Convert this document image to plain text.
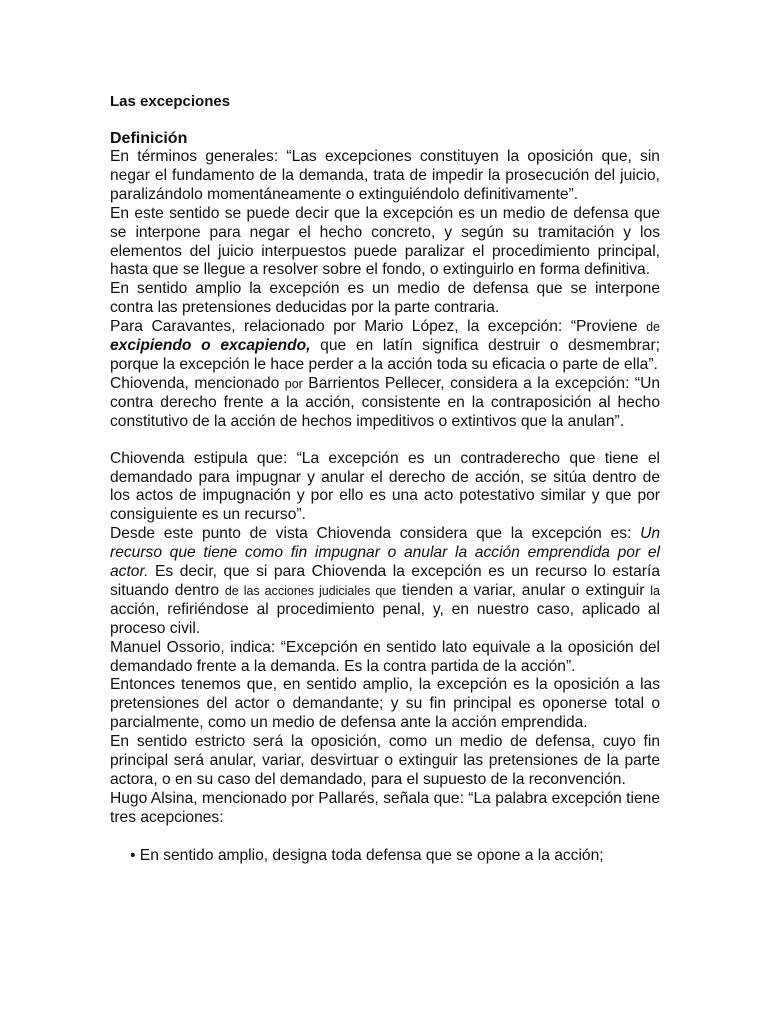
Las excepciones
Definición

En términos generales: “Las excepciones constituyen la oposición que, sin negar el fundamento de la demanda, trata de impedir la prosecución del juicio, paralizándolo momentáneamente o extinguiéndolo definitivamente”.

En este sentido se puede decir que la excepción es un medio de defensa que se interpone para negar el hecho concreto, y según su tramitación y los elementos del juicio interpuestos puede paralizar el procedimiento principal, hasta que se llegue a resolver sobre el fondo, o extinguirlo en forma definitiva.

En sentido amplio la excepción es un medio de defensa que se interpone contra las pretensiones deducidas por la parte contraria.

Para Caravantes, relacionado por Mario López, la excepción: “Proviene de excipiendo o excapiendo, que en latín significa destruir o desmembrar; porque la excepción le hace perder a la acción toda su eficacia o parte de ella”.

Chiovenda, mencionado por Barrientos Pellecer, considera a la excepción: “Un contra derecho frente a la acción, consistente en la contraposición al hecho constitutivo de la acción de hechos impeditivos o extintivos que la anulan”.

Chiovenda estipula que: “La excepción es un contraderecho que tiene el demandado para impugnar y anular el derecho de acción, se sitúa dentro de los actos de impugnación y por ello es una acto potestativo similar y que por consiguiente es un recurso”.

Desde este punto de vista Chiovenda considera que la excepción es: Un recurso que tiene como fin impugnar o anular la acción emprendida por el actor. Es decir, que si para Chiovenda la excepción es un recurso lo estaría situando dentro de las acciones judiciales que tienden a variar, anular o extinguir la acción, refiriéndose al procedimiento penal, y, en nuestro caso, aplicado al proceso civil.

Manuel Ossorio, indica: “Excepción en sentido lato equivale a la oposición del demandado frente a la demanda. Es la contra partida de la acción”.

Entonces tenemos que, en sentido amplio, la excepción es la oposición a las pretensiones del actor o demandante; y su fin principal es oponerse total o parcialmente, como un medio de defensa ante la acción emprendida.

En sentido estricto será la oposición, como un medio de defensa, cuyo fin principal será anular, variar, desvirtuar o extinguir las pretensiones de la parte actora, o en su caso del demandado, para el supuesto de la reconvención.

Hugo Alsina, mencionado por Pallarés, señala que: “La palabra excepción tiene tres acepciones:

• En sentido amplio, designa toda defensa que se opone a la acción;
